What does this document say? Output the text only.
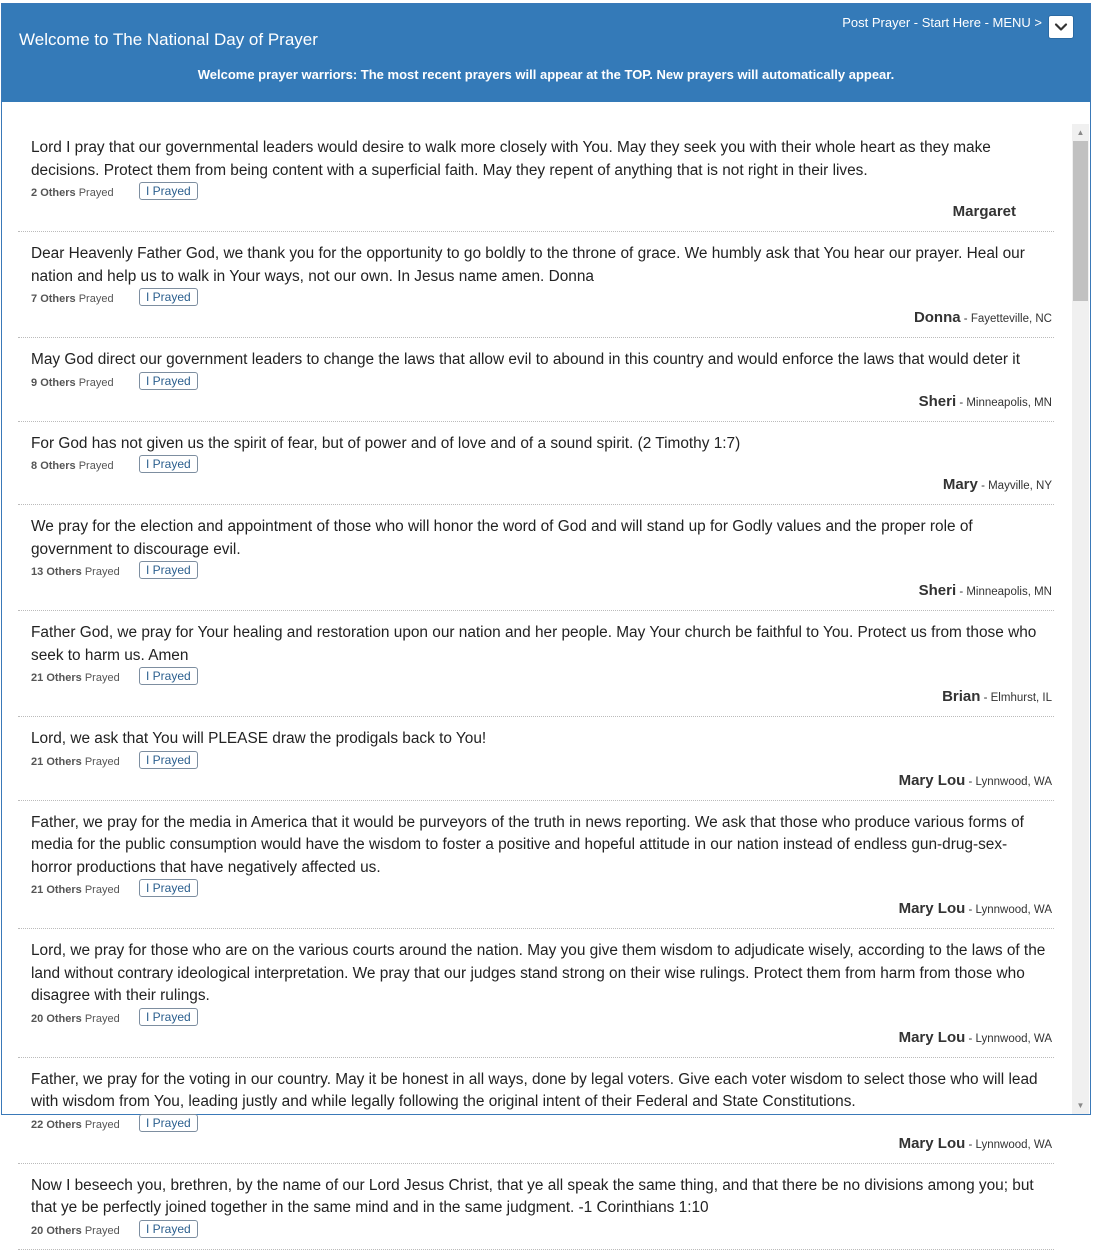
Welcome to The National Day of Prayer
Post Prayer - Start Here - MENU >
Welcome prayer warriors: The most recent prayers will appear at the TOP. New prayers will automatically appear.
Lord I pray that our governmental leaders would desire to walk more closely with You. May they seek you with their whole heart as they make decisions. Protect them from being content with a superficial faith. May they repent of anything that is not right in their lives.
2 Others Prayed	I Prayed
Margaret
Dear Heavenly Father God, we thank you for the opportunity to go boldly to the throne of grace. We humbly ask that You hear our prayer. Heal our nation and help us to walk in Your ways, not our own. In Jesus name amen. Donna
7 Others Prayed	I Prayed
Donna - Fayetteville, NC
May God direct our government leaders to change the laws that allow evil to abound in this country and would enforce the laws that would deter it
9 Others Prayed	I Prayed
Sheri - Minneapolis, MN
For God has not given us the spirit of fear, but of power and of love and of a sound spirit. (2 Timothy 1:7)
8 Others Prayed	I Prayed
Mary - Mayville, NY
We pray for the election and appointment of those who will honor the word of God and will stand up for Godly values and the proper role of government to discourage evil.
13 Others Prayed	I Prayed
Sheri - Minneapolis, MN
Father God, we pray for Your healing and restoration upon our nation and her people. May Your church be faithful to You. Protect us from those who seek to harm us. Amen
21 Others Prayed	I Prayed
Brian - Elmhurst, IL
Lord, we ask that You will PLEASE draw the prodigals back to You!
21 Others Prayed	I Prayed
Mary Lou - Lynnwood, WA
Father, we pray for the media in America that it would be purveyors of the truth in news reporting. We ask that those who produce various forms of media for the public consumption would have the wisdom to foster a positive and hopeful attitude in our nation instead of endless gun-drug-sex-horror productions that have negatively affected us.
21 Others Prayed	I Prayed
Mary Lou - Lynnwood, WA
Lord, we pray for those who are on the various courts around the nation. May you give them wisdom to adjudicate wisely, according to the laws of the land without contrary ideological interpretation. We pray that our judges stand strong on their wise rulings. Protect them from harm from those who disagree with their rulings.
20 Others Prayed	I Prayed
Mary Lou - Lynnwood, WA
Father, we pray for the voting in our country. May it be honest in all ways, done by legal voters. Give each voter wisdom to select those who will lead with wisdom from You, leading justly and while legally following the original intent of their Federal and State Constitutions.
22 Others Prayed	I Prayed
Mary Lou - Lynnwood, WA
Now I beseech you, brethren, by the name of our Lord Jesus Christ, that ye all speak the same thing, and that there be no divisions among you; but that ye be perfectly joined together in the same mind and in the same judgment. -1 Corinthians 1:10
20 Others Prayed	I Prayed
▲
▼
